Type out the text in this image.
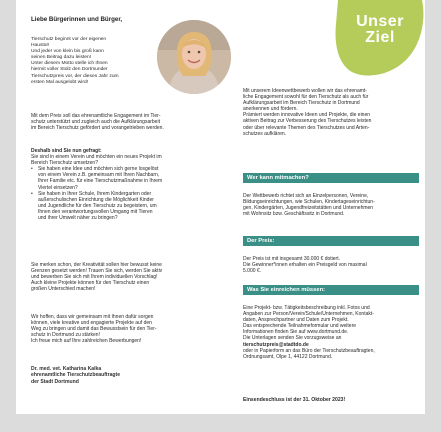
Liebe Bürgerinnen und Bürger,
Tierschutz beginnt vor der eigenen
Haustür!
Und jeder von klein bis groß kann
seinen Beitrag dazu leisten!
Unter diesem Motto stelle ich Ihnen
hiermit voller Stolz den Dortmunder
Tierschutzpreis vor, der dieses Jahr zum
ersten Mal ausgelobt wird!
Mit dem Preis soll das ehrenamtliche Engagement im Tier-
schutz unterstützt und zugleich auch die Aufklärungsarbeit
im Bereich Tierschutz gefördert und vorangetrieben werden.
Deshalb sind Sie nun gefragt:
Sie sind in einem Verein und möchten ein neues Projekt im
Bereich Tierschutz umsetzen?
• Sie haben eine Idee und möchten sich gerne losgelöst
von einem Verein z.B. gemeinsam mit Ihren Nachbarn,
Ihrer Familie etc. für eine Tierschutzmaßnahme in Ihrem
Viertel einsetzen?
• Sie haben in Ihrer Schule, Ihrem Kindergarten oder
außerschulischen Einrichtung die Möglichkeit Kinder
und Jugendliche für den Tierschutz zu begeistern, um
Ihnen den verantwortungsvollen Umgang mit Tieren
und ihrer Umwelt näher zu bringen?
Sie merken schon, der Kreativität sollen hier bewusst keine
Grenzen gesetzt werden! Trauen Sie sich, werden Sie aktiv
und bewerben Sie sich mit Ihrem individuellen Vorschlag!
Auch kleine Projekte können für den Tierschutz einen
großen Unterschied machen!
Wir hoffen, dass wir gemeinsam mit Ihnen dafür sorgen
können, viele kreative und engagierte Projekte auf den
Weg zu bringen und damit das Bewusstsein für den Tier-
schutz in Dortmund zu stärken!
Ich freue mich auf Ihre zahlreichen Bewerbungen!
Dr. med. vet. Katharina Kalka
ehrenamtliche Tierschutzbeauftragte
der Stadt Dortmund
Unser
Ziel
Mit unserem Ideenwettbewerb wollen wir das ehrenamt-
liche Engagement sowohl für den Tierschutz als auch für
Aufklärungsarbeit im Bereich Tierschutz in Dortmund
anerkennen und fördern.
Prämiert werden innovative Ideen und Projekte, die einen
aktiven Beitrag zur Verbesserung des Tierschutzes leisten
oder über relevante Themen des Tierschutzes und Arten-
schutzes aufklären.
Wer kann mitmachen?
Der Wettbewerb richtet sich an Einzelpersonen, Vereine,
Bildungseinrichtungen, wie Schulen, Kindertageseinrichtun-
gen, Kindergärten, Jugendfreizeitstätten und Unternehmen
mit Wohnsitz bzw. Geschäftssitz in Dortmund.
Der Preis:
Der Preis ist mit insgesamt 30.000 € dotiert.
Die Gewinner*innen erhalten ein Preisgeld von maximal
5.000 €.
Was Sie einreichen müssen:
Eine Projekt- bzw. Tätigkeitsbeschreibung inkl. Fotos und
Angaben zur Person/Verein/Schule/Unternehmen, Kontakt-
daten, Ansprechpartner und Daten zum Projekt.
Das entsprechende Teilnahmeformular und weitere
Informationen finden Sie auf www.dortmund.de.
Die Unterlagen senden Sie vorzugsweise an
tierschutzpreis@stadtdo.de
oder in Papierform an das Büro der Tierschutzbeauftragten,
Ordnungsamt, Olpe 1, 44122 Dortmund.
Einsendeschluss ist der 31. Oktober 2023!
